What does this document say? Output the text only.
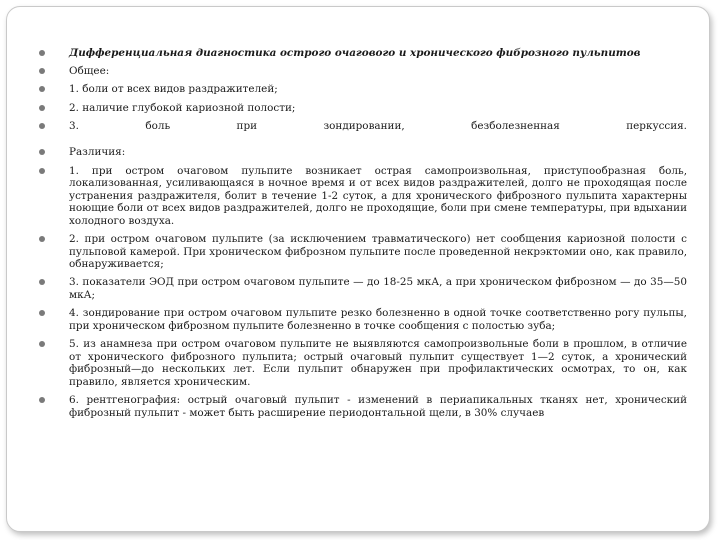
Дифференциальная диагностика острого очагового и хронического фиброзного пульпитов
Общее:
1. боли от всех видов раздражителей;
2. наличие глубокой кариозной полости;
3. боль при зондировании, безболезненная перкуссия.
Различия:
1. при остром очаговом пульпите возникает острая самопроизвольная, приступообразная боль, локализованная, усиливающаяся в ночное время и от всех видов раздражителей, долго не проходящая после устранения раздражителя, болит в течение 1-2 суток, а для хронического фиброзного пульпита характерны ноющие боли от всех видов раздражителей, долго не проходящие, боли при смене температуры, при вдыхании холодного воздуха.
2. при остром очаговом пульпите (за исключением травматического) нет сообщения кариозной полости с пульповой камерой. При хроническом фиброзном пульпите после проведенной некрэктомии оно, как правило, обнаруживается;
3. показатели ЭОД при остром очаговом пульпите — до 18-25 мкА, а при хроническом фиброзном — до 35—50 мкА;
4. зондирование при остром очаговом пульпите резко болезненно в одной точке соответственно рогу пульпы, при хроническом фиброзном пульпите болезненно в точке сообщения с полостью зуба;
5. из анамнеза при остром очаговом пульпите не выявляются самопроизвольные боли в прошлом, в отличие от хронического фиброзного пульпита; острый очаговый пульпит существует 1—2 суток, а хронический фиброзный—до нескольких лет. Если пульпит обнаружен при профилактических осмотрах, то он, как правило, является хроническим.
6. рентгенография: острый очаговый пульпит - изменений в периапикальных тканях нет, хронический фиброзный пульпит - может быть расширение периодонтальной щели, в 30% случаев
